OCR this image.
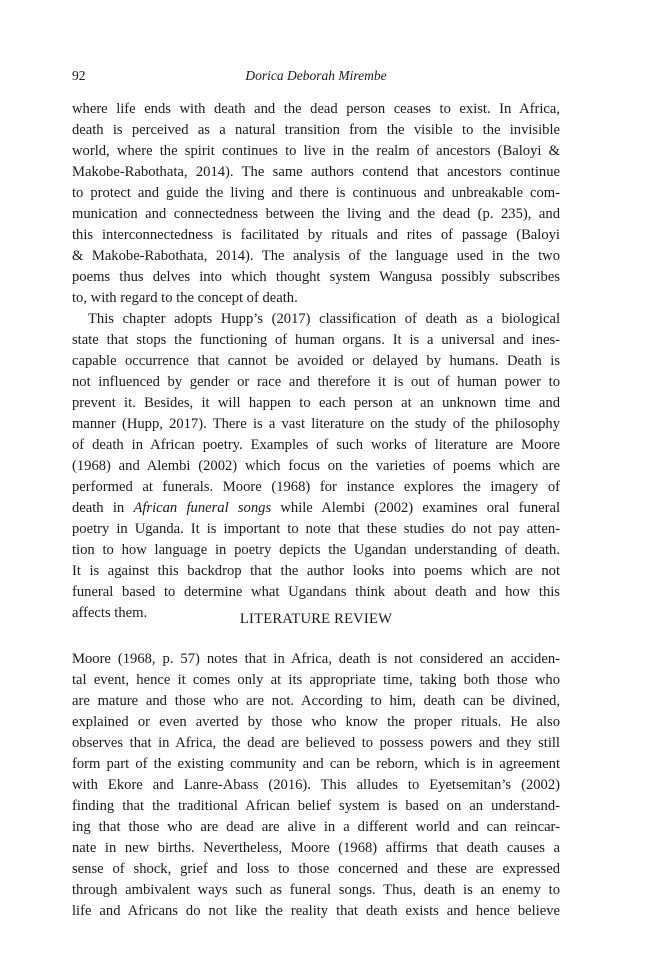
92	Dorica Deborah Mirembe
where life ends with death and the dead person ceases to exist. In Africa,
death is perceived as a natural transition from the visible to the invisible
world, where the spirit continues to live in the realm of ancestors (Baloyi &
Makobe-Rabothata, 2014). The same authors contend that ancestors continue
to protect and guide the living and there is continuous and unbreakable com-
munication and connectedness between the living and the dead (p. 235), and
this interconnectedness is facilitated by rituals and rites of passage (Baloyi
& Makobe-Rabothata, 2014). The analysis of the language used in the two
poems thus delves into which thought system Wangusa possibly subscribes
to, with regard to the concept of death.
This chapter adopts Hupp’s (2017) classification of death as a biological
state that stops the functioning of human organs. It is a universal and ines-
capable occurrence that cannot be avoided or delayed by humans. Death is
not influenced by gender or race and therefore it is out of human power to
prevent it. Besides, it will happen to each person at an unknown time and
manner (Hupp, 2017). There is a vast literature on the study of the philosophy
of death in African poetry. Examples of such works of literature are Moore
(1968) and Alembi (2002) which focus on the varieties of poems which are
performed at funerals. Moore (1968) for instance explores the imagery of
death in African funeral songs while Alembi (2002) examines oral funeral
poetry in Uganda. It is important to note that these studies do not pay atten-
tion to how language in poetry depicts the Ugandan understanding of death.
It is against this backdrop that the author looks into poems which are not
funeral based to determine what Ugandans think about death and how this
affects them.	LITERATURE REVIEW
Moore (1968, p. 57) notes that in Africa, death is not considered an acciden-
tal event, hence it comes only at its appropriate time, taking both those who
are mature and those who are not. According to him, death can be divined,
explained or even averted by those who know the proper rituals. He also
observes that in Africa, the dead are believed to possess powers and they still
form part of the existing community and can be reborn, which is in agreement
with Ekore and Lanre-Abass (2016). This alludes to Eyetsemitan’s (2002)
finding that the traditional African belief system is based on an understand-
ing that those who are dead are alive in a different world and can reincar-
nate in new births. Nevertheless, Moore (1968) affirms that death causes a
sense of shock, grief and loss to those concerned and these are expressed
through ambivalent ways such as funeral songs. Thus, death is an enemy to
life and Africans do not like the reality that death exists and hence believe
